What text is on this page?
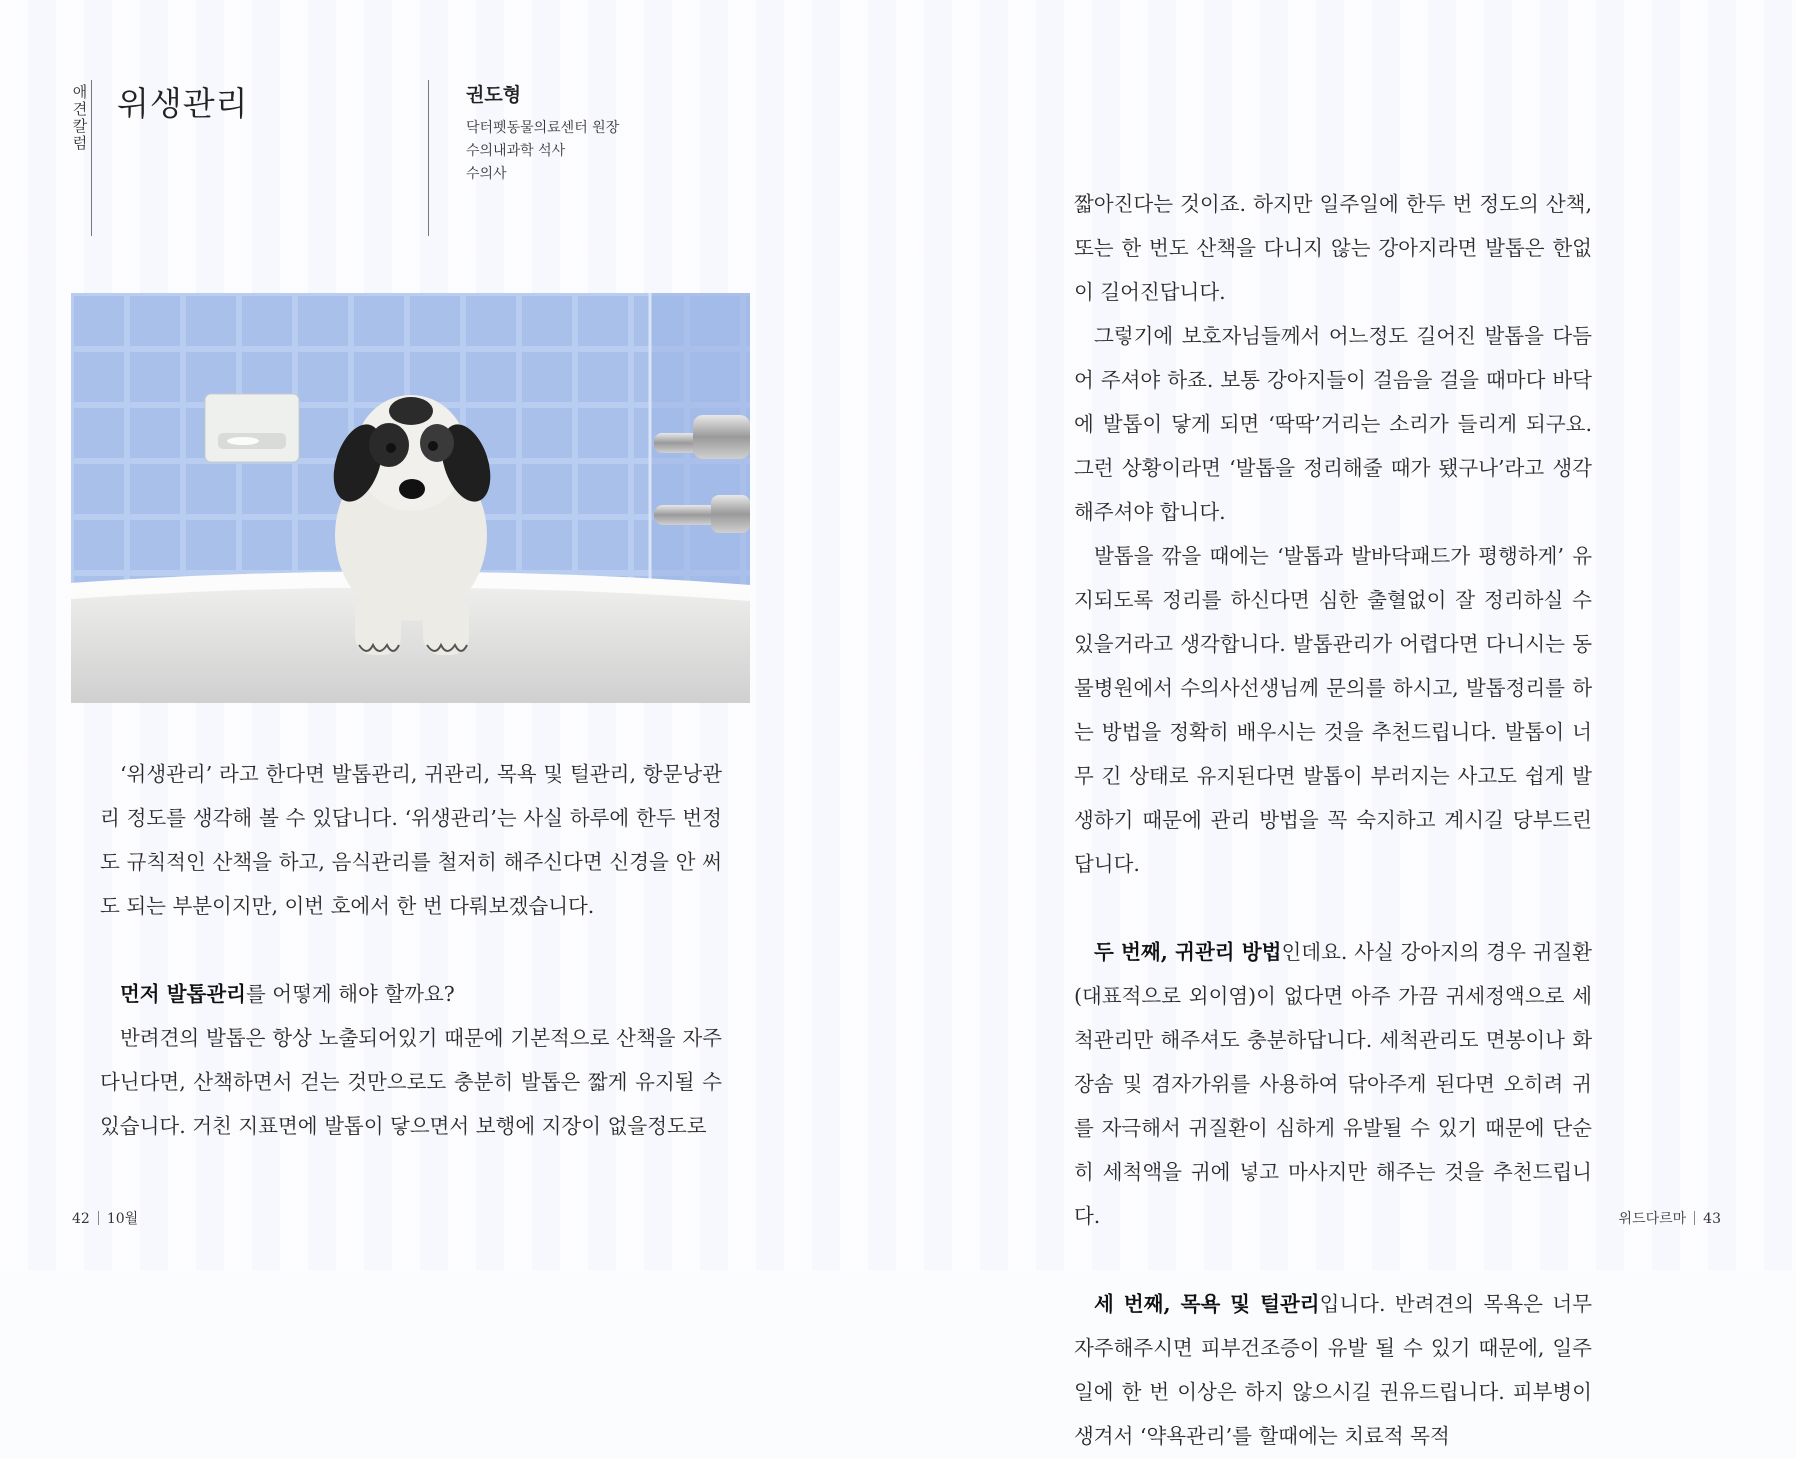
애견칼럼
위생관리	권도형
닥터펫동물의료센터 원장
수의내과학 석사
수의사

‘위생관리’ 라고 한다면 발톱관리, 귀관리, 목욕 및 털관리, 항문낭관리 정도를 생각해 볼 수 있답니다. ‘위생관리’는 사실 하루에 한두 번정도 규칙적인 산책을 하고, 음식관리를 철저히 해주신다면 신경을 안 써도 되는 부분이지만, 이번 호에서 한 번 다뤄보겠습니다.

먼저 발톱관리를 어떻게 해야 할까요?

반려견의 발톱은 항상 노출되어있기 때문에 기본적으로 산책을 자주 다닌다면, 산책하면서 걷는 것만으로도 충분히 발톱은 짧게 유지될 수 있습니다. 거친 지표면에 발톱이 닿으면서 보행에 지장이 없을정도로

42 10월

짧아진다는 것이죠. 하지만 일주일에 한두 번 정도의 산책, 또는 한 번도 산책을 다니지 않는 강아지라면 발톱은 한없이 길어진답니다.

그렇기에 보호자님들께서 어느정도 길어진 발톱을 다듬어 주셔야 하죠. 보통 강아지들이 걸음을 걸을 때마다 바닥에 발톱이 닿게 되면 ‘딱딱’거리는 소리가 들리게 되구요. 그런 상황이라면 ‘발톱을 정리해줄 때가 됐구나’라고 생각해주셔야 합니다.

발톱을 깎을 때에는 ‘발톱과 발바닥패드가 평행하게’ 유지되도록 정리를 하신다면 심한 출혈없이 잘 정리하실 수 있을거라고 생각합니다. 발톱관리가 어렵다면 다니시는 동물병원에서 수의사선생님께 문의를 하시고, 발톱정리를 하는 방법을 정확히 배우시는 것을 추천드립니다. 발톱이 너무 긴 상태로 유지된다면 발톱이 부러지는 사고도 쉽게 발생하기 때문에 관리 방법을 꼭 숙지하고 계시길 당부드린답니다.

두 번째, 귀관리 방법인데요. 사실 강아지의 경우 귀질환(대표적으로 외이염)이 없다면 아주 가끔 귀세정액으로 세척관리만 해주셔도 충분하답니다. 세척관리도 면봉이나 화장솜 및 겸자가위를 사용하여 닦아주게 된다면 오히려 귀를 자극해서 귀질환이 심하게 유발될 수 있기 때문에 단순히 세척액을 귀에 넣고 마사지만 해주는 것을 추천드립니다.

세 번째, 목욕 및 털관리입니다. 반려견의 목욕은 너무 자주해주시면 피부건조증이 유발 될 수 있기 때문에, 일주일에 한 번 이상은 하지 않으시길 권유드립니다. 피부병이 생겨서 ‘약욕관리’를 할때에는 치료적 목적

위드다르마 43
